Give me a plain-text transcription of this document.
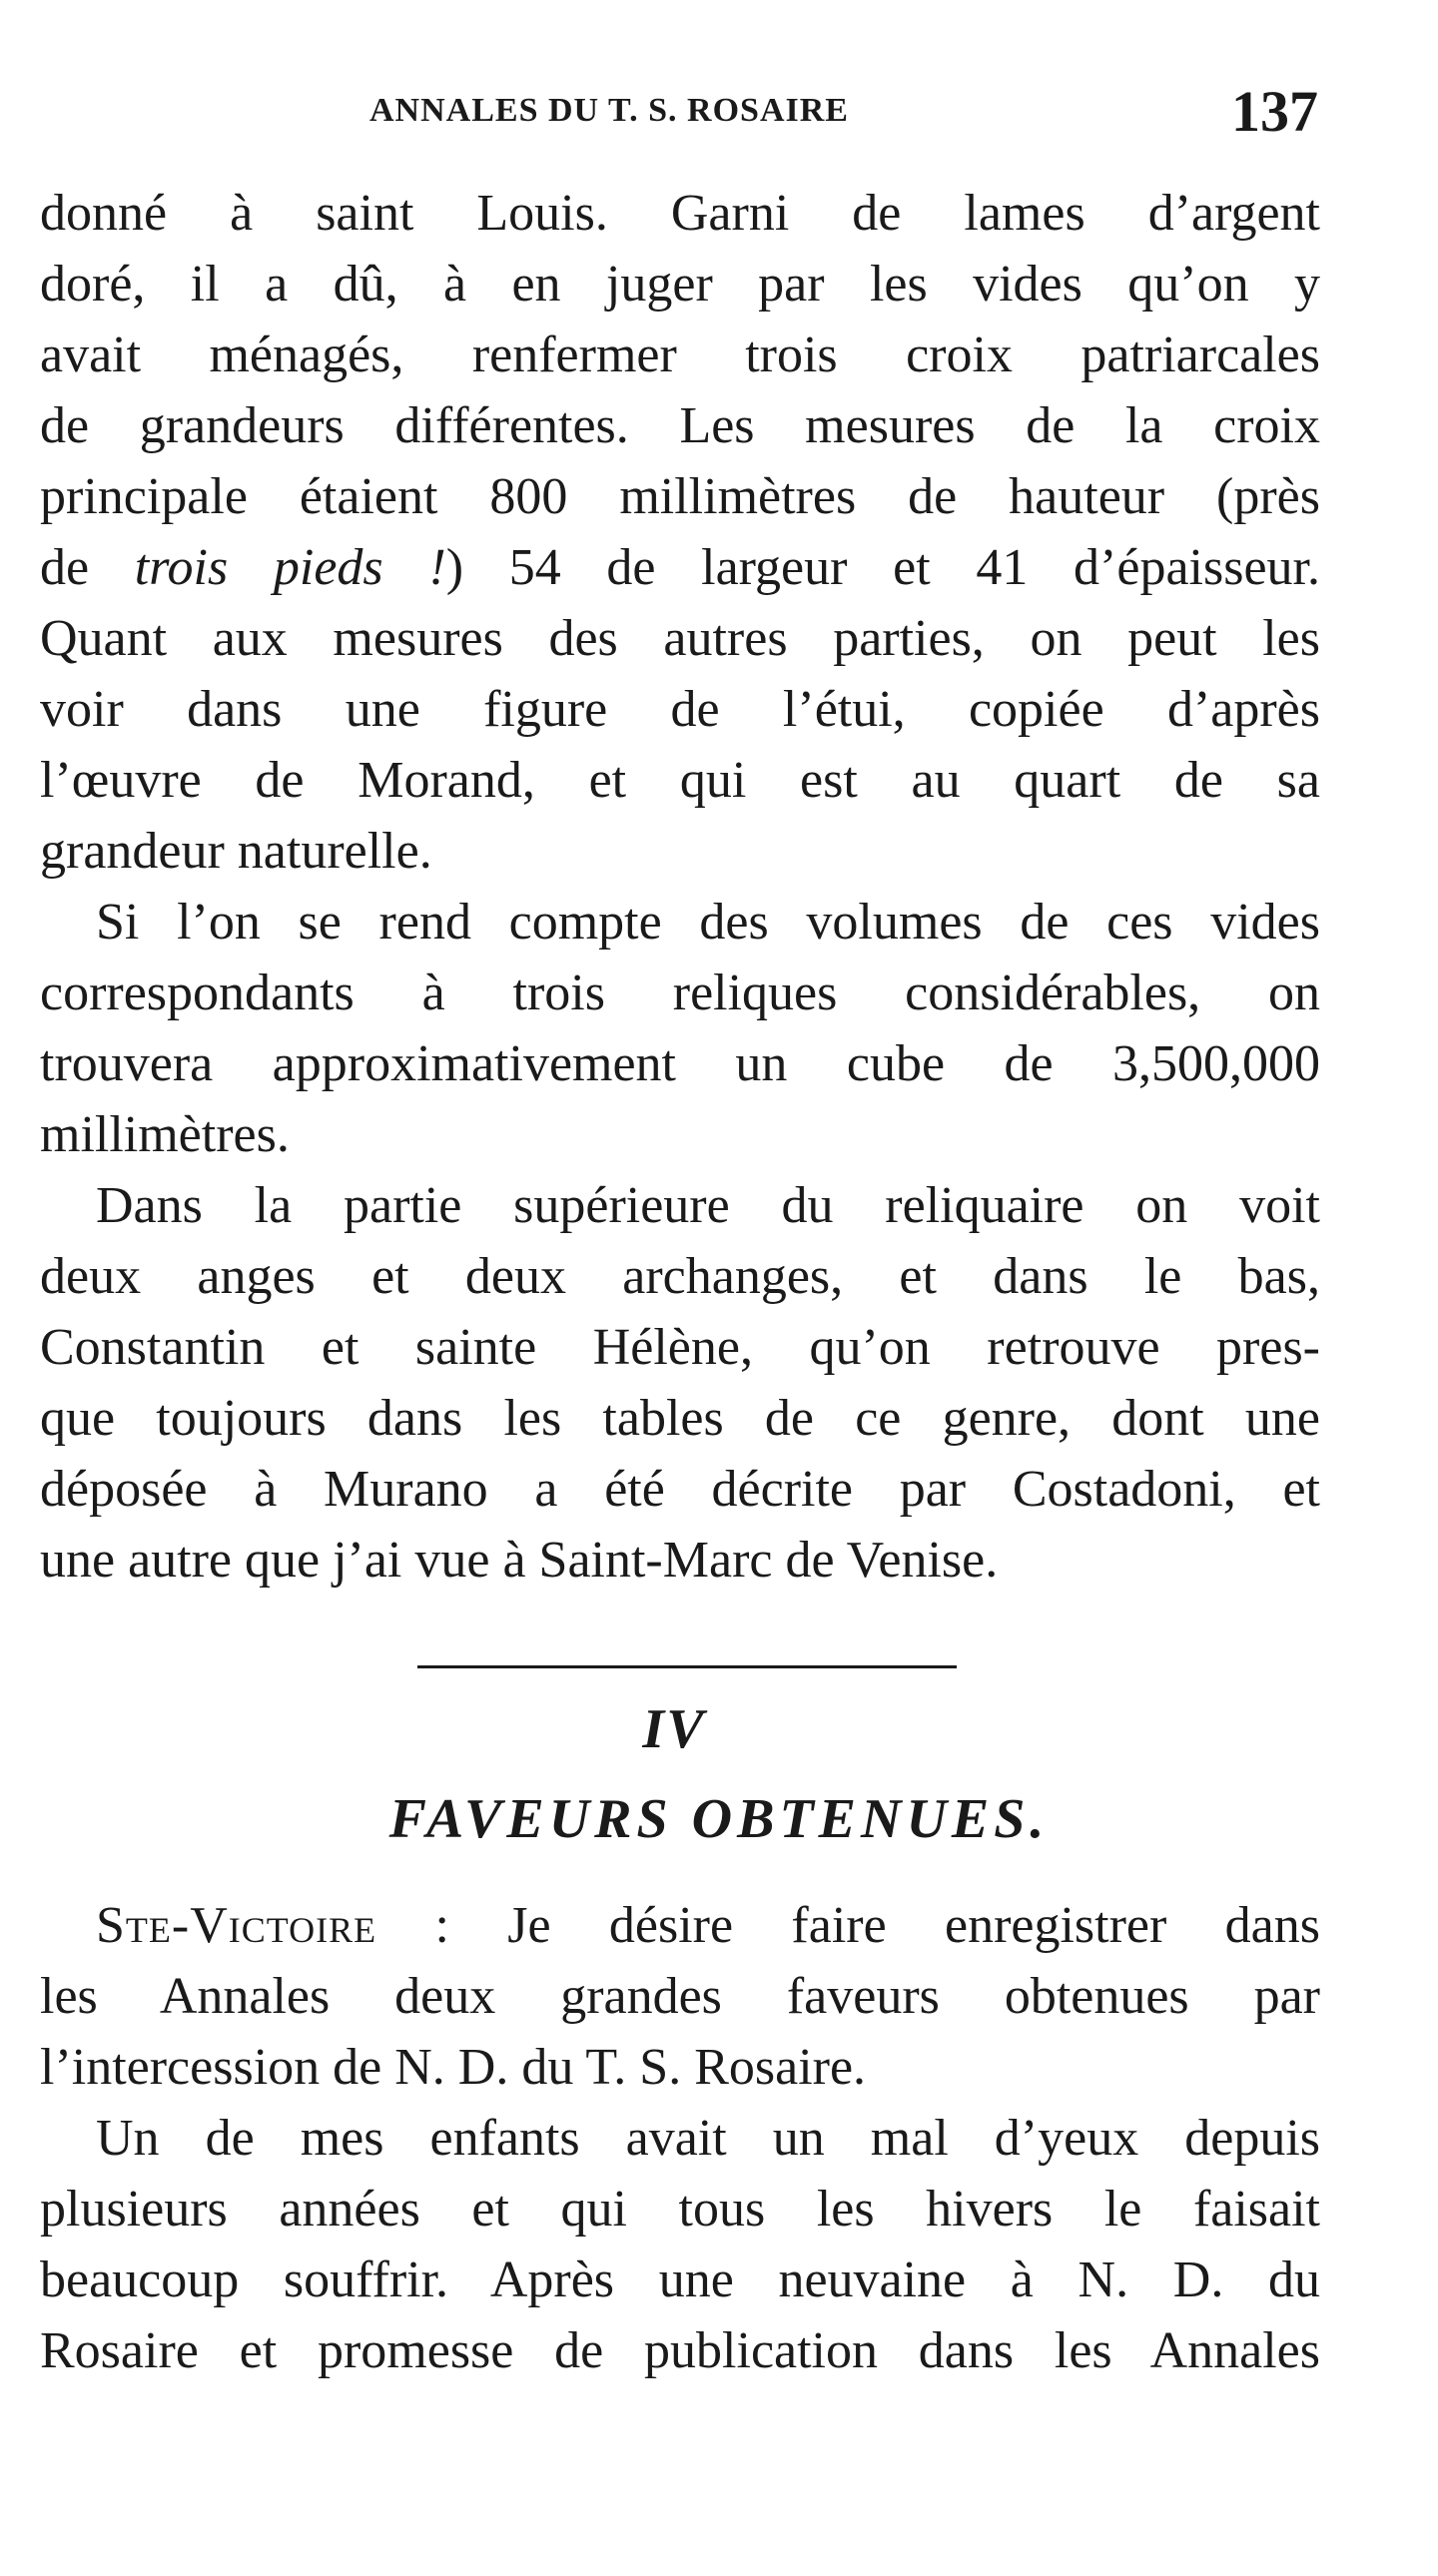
ANNALES DU T. S. ROSAIRE	137

donné à saint Louis. Garni de lames d’argent
doré, il a dû, à en juger par les vides qu’on y
avait ménagés, renfermer trois croix patriarcales
de grandeurs différentes. Les mesures de la croix
principale étaient 800 millimètres de hauteur (près
de trois pieds !) 54 de largeur et 41 d’épaisseur.
Quant aux mesures des autres parties, on peut les
voir dans une figure de l’étui, copiée d’après
l’œuvre de Morand, et qui est au quart de sa
grandeur naturelle.

Si l’on se rend compte des volumes de ces vides
correspondants à trois reliques considérables, on
trouvera approximativement un cube de 3,500,000
millimètres.

Dans la partie supérieure du reliquaire on voit
deux anges et deux archanges, et dans le bas,
Constantin et sainte Hélène, qu’on retrouve pres-
que toujours dans les tables de ce genre, dont une
déposée à Murano a été décrite par Costadoni, et
une autre que j’ai vue à Saint-Marc de Venise.

IV
FAVEURS OBTENUES.

Ste-Victoire : Je désire faire enregistrer dans
les Annales deux grandes faveurs obtenues par
l’intercession de N. D. du T. S. Rosaire.

Un de mes enfants avait un mal d’yeux depuis
plusieurs années et qui tous les hivers le faisait
beaucoup souffrir. Après une neuvaine à N. D. du
Rosaire et promesse de publication dans les Annales
